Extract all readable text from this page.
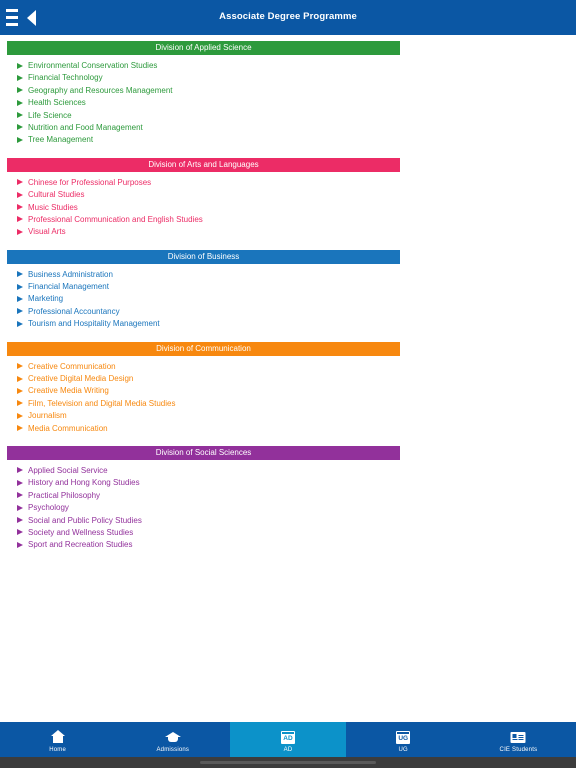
Associate Degree Programme
Division of Applied Science
Environmental Conservation Studies
Financial Technology
Geography and Resources Management
Health Sciences
Life Science
Nutrition and Food Management
Tree Management
Division of Arts and Languages
Chinese for Professional Purposes
Cultural Studies
Music Studies
Professional Communication and English Studies
Visual Arts
Division of Business
Business Administration
Financial Management
Marketing
Professional Accountancy
Tourism and Hospitality Management
Division of Communication
Creative Communication
Creative Digital Media Design
Creative Media Writing
Film, Television and Digital Media Studies
Journalism
Media Communication
Division of Social Sciences
Applied Social Service
History and Hong Kong Studies
Practical Philosophy
Psychology
Social and Public Policy Studies
Society and Wellness Studies
Sport and Recreation Studies
Home	Admissions
AD
AD
UG
UG	CIE Students
